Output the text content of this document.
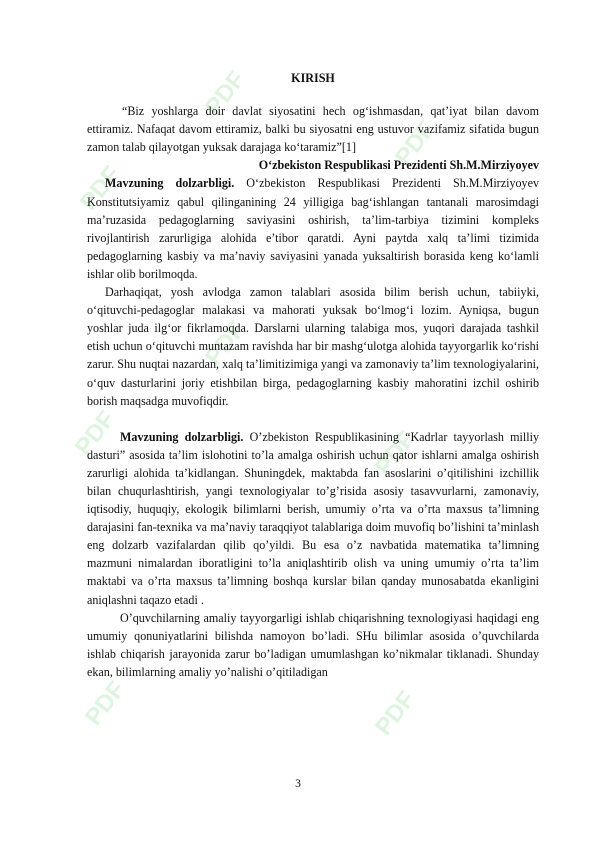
PDF
PDF
PDF
PDF	PDF
PDF
PDF	PDF

KIRISH

“Biz yoshlarga doir davlat siyosatini hech og‘ishmasdan, qat’iyat bilan davom ettiramiz. Nafaqat davom ettiramiz, balki bu siyosatni eng ustuvor vazifamiz sifatida bugun zamon talab qilayotgan yuksak darajaga ko‘taramiz”[1]

O‘zbekiston Respublikasi Prezidenti Sh.M.Mirziyoyev

Mavzuning dolzarbligi. O‘zbekiston Respublikasi Prezidenti Sh.M.Mirziyoyev Konstitutsiyamiz qabul qilinganining 24 yilligiga bag‘ishlangan tantanali marosimdagi ma’ruzasida pedagoglarning saviyasini oshirish, ta’lim-tarbiya tizimini kompleks rivojlantirish zarurligiga alohida e’tibor qaratdi. Ayni paytda xalq ta’limi tizimida pedagoglarning kasbiy va ma’naviy saviyasini yanada yuksaltirish borasida keng ko‘lamli ishlar olib borilmoqda.

Darhaqiqat, yosh avlodga zamon talablari asosida bilim berish uchun, tabiiyki, o‘qituvchi-pedagoglar malakasi va mahorati yuksak bo‘lmog‘i lozim. Ayniqsa, bugun yoshlar juda ilg‘or fikrlamoqda. Darslarni ularning talabiga mos, yuqori darajada tashkil etish uchun o‘qituvchi muntazam ravishda har bir mashg‘ulotga alohida tayyorgarlik ko‘rishi zarur. Shu nuqtai nazardan, xalq ta’limitizimiga yangi va zamonaviy ta’lim texnologiyalarini, o‘quv dasturlarini joriy etishbilan birga, pedagoglarning kasbiy mahoratini izchil oshirib borish maqsadga muvofiqdir.

Mavzuning dolzarbligi. O’zbekiston Respublikasining “Kadrlar tayyorlash milliy dasturi” asosida ta’lim islohotini to’la amalga oshirish uchun qator ishlarni amalga oshirish zarurligi alohida ta’kidlangan. Shuningdek, maktabda fan asoslarini o’qitilishini izchillik bilan chuqurlashtirish, yangi texnologiyalar to’g’risida asosiy tasavvurlarni, zamonaviy, iqtisodiy, huquqiy, ekologik bilimlarni berish, umumiy o’rta va o’rta maxsus ta’limning darajasini fan-texnika va ma’naviy taraqqiyot talablariga doim muvofiq bo’lishini ta’minlash eng dolzarb vazifalardan qilib qo’yildi. Bu esa o’z navbatida matematika ta’limning mazmuni nimalardan iboratligini to’la aniqlashtirib olish va uning umumiy o’rta ta’lim maktabi va o’rta maxsus ta’limning boshqa kurslar bilan qanday munosabatda ekanligini aniqlashni taqazo etadi .

O’quvchilarning amaliy tayyorgarligi ishlab chiqarishning texnologiyasi haqidagi eng umumiy qonuniyatlarini bilishda namoyon bo’ladi. SHu bilimlar asosida o’quvchilarda ishlab chiqarish jarayonida zarur bo’ladigan umumlashgan ko’nikmalar tiklanadi. Shunday ekan, bilimlarning amaliy yo’nalishi o’qitiladigan

3
